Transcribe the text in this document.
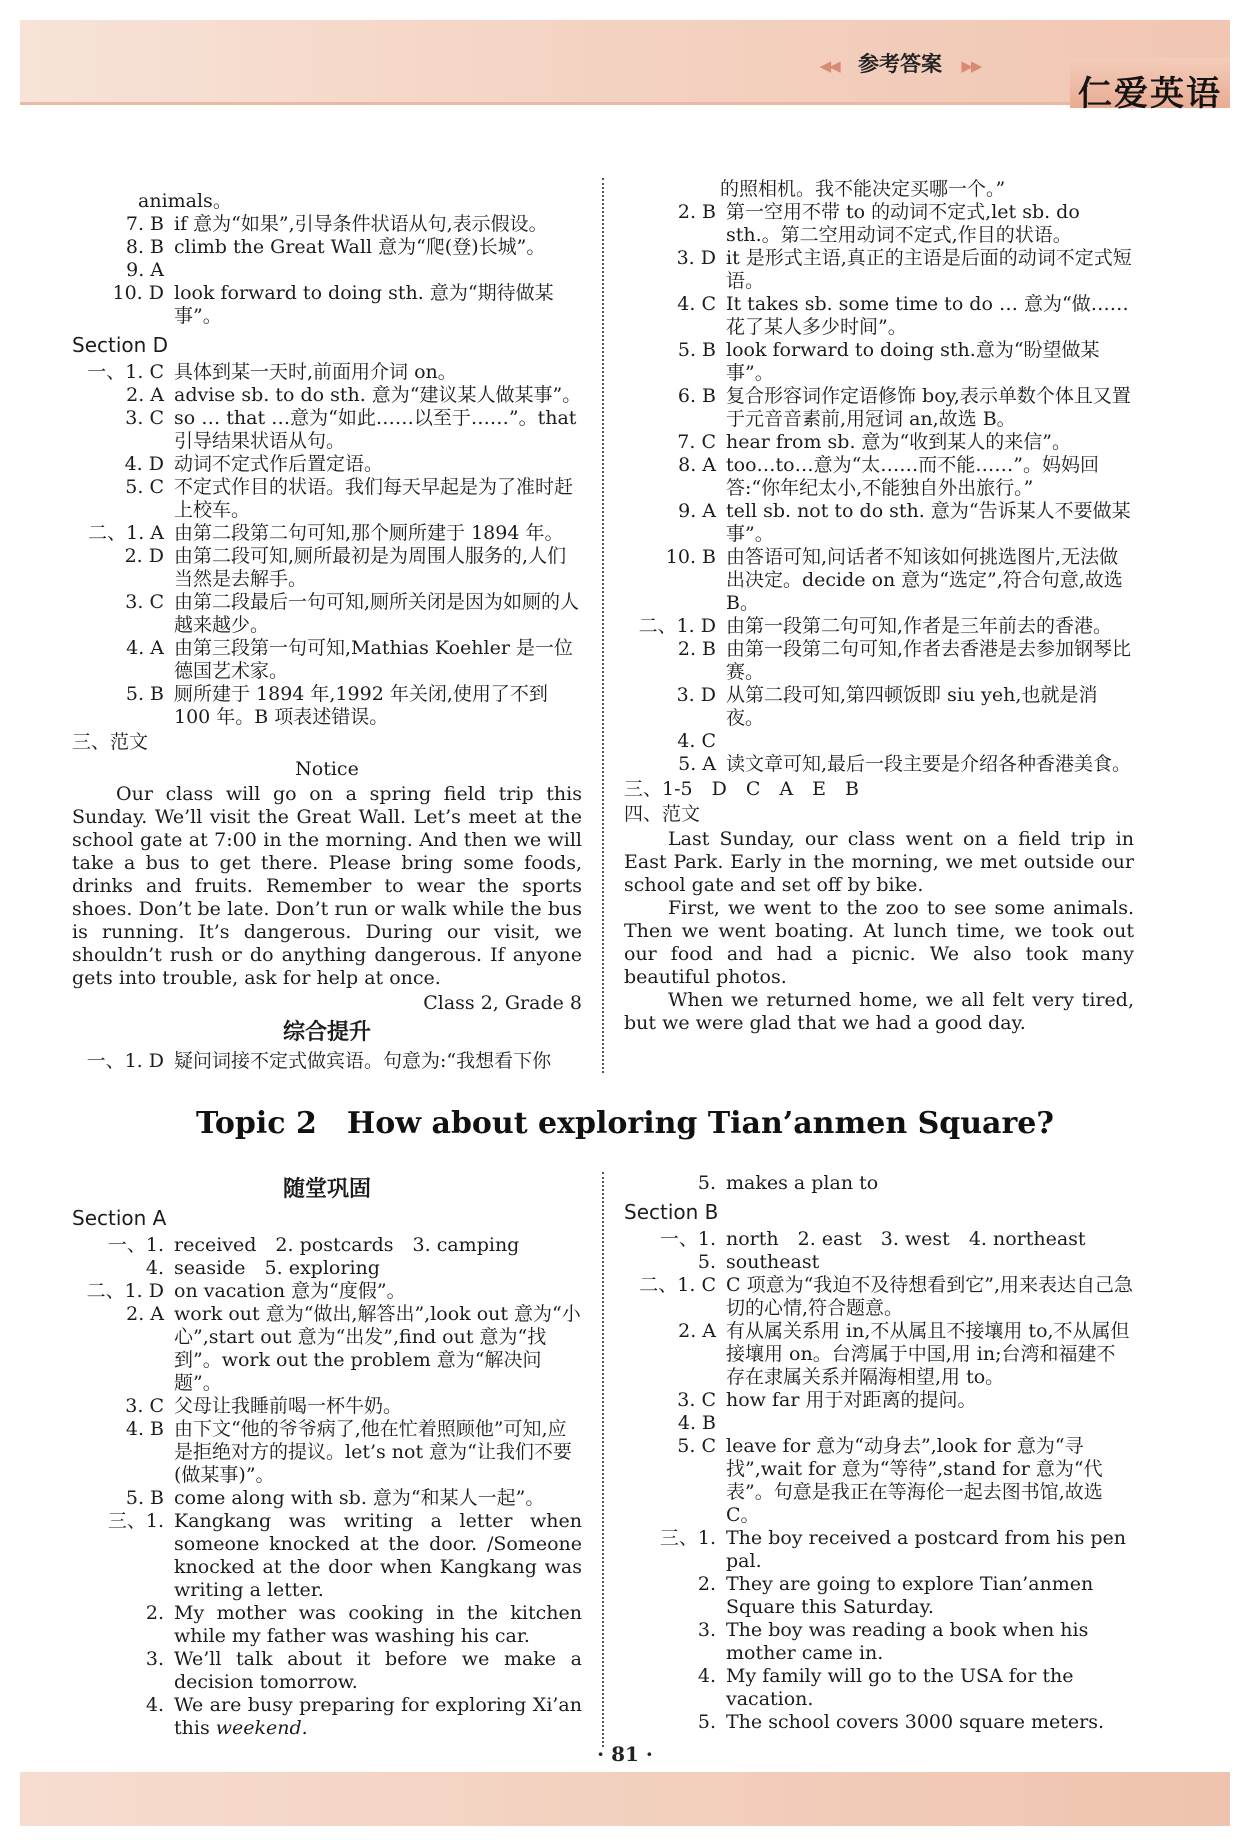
◀◀ 参考答案 ▶▶
仁爱英语
animals。
7. B if 意为“如果”,引导条件状语从句,表示假设。
8. B climb the Great Wall 意为“爬(登)长城”。
9. A
10. D look forward to doing sth. 意为“期待做某事”。
Section D
一、1. C 具体到某一天时,前面用介词 on。
2. A advise sb. to do sth. 意为“建议某人做某事”。
3. C so … that …意为“如此……以至于……”。that 引导结果状语从句。
4. D 动词不定式作后置定语。
5. C 不定式作目的状语。我们每天早起是为了准时赶上校车。
二、1. A 由第二段第二句可知,那个厕所建于 1894 年。
2. D 由第二段可知,厕所最初是为周围人服务的,人们当然是去解手。
3. C 由第二段最后一句可知,厕所关闭是因为如厕的人越来越少。
4. A 由第三段第一句可知,Mathias Koehler 是一位德国艺术家。
5. B 厕所建于 1894 年,1992 年关闭,使用了不到 100 年。B 项表述错误。
三、范文
Notice

Our class will go on a spring field trip this Sunday. We’ll visit the Great Wall. Let’s meet at the school gate at 7:00 in the morning. And then we will take a bus to get there. Please bring some foods, drinks and fruits. Remember to wear the sports shoes. Don’t be late. Don’t run or walk while the bus is running. It’s dangerous. During our visit, we shouldn’t rush or do anything dangerous. If anyone gets into trouble, ask for help at once.

Class 2, Grade 8
综合提升
一、1. D 疑问词接不定式做宾语。句意为:“我想看下你
的照相机。我不能决定买哪一个。”
2. B 第一空用不带 to 的动词不定式,let sb. do sth.。第二空用动词不定式,作目的状语。
3. D it 是形式主语,真正的主语是后面的动词不定式短语。
4. C It takes sb. some time to do … 意为“做……花了某人多少时间”。
5. B look forward to doing sth.意为“盼望做某事”。
6. B 复合形容词作定语修饰 boy,表示单数个体且又置于元音音素前,用冠词 an,故选 B。
7. C hear from sb. 意为“收到某人的来信”。
8. A too…to…意为“太……而不能……”。妈妈回答:“你年纪太小,不能独自外出旅行。”
9. A tell sb. not to do sth. 意为“告诉某人不要做某事”。
10. B 由答语可知,问话者不知该如何挑选图片,无法做出决定。decide on 意为“选定”,符合句意,故选 B。
二、1. D 由第一段第二句可知,作者是三年前去的香港。
2. B 由第一段第二句可知,作者去香港是去参加钢琴比赛。
3. D 从第二段可知,第四顿饭即 siu yeh,也就是消夜。
4. C
5. A 读文章可知,最后一段主要是介绍各种香港美食。
三、1-5　D　C　A　E　B
四、范文

Last Sunday, our class went on a field trip in East Park. Early in the morning, we met outside our school gate and set off by bike.

First, we went to the zoo to see some animals. Then we went boating. At lunch time, we took out our food and had a picnic. We also took many beautiful photos.

When we returned home, we all felt very tired, but we were glad that we had a good day.

Topic 2　How about exploring Tian’anmen Square?
随堂巩固
Section A
一、1. received　2. postcards　3. camping
4. seaside　5. exploring
二、1. D on vacation 意为“度假”。
2. A work out 意为“做出,解答出”,look out 意为“小心”,start out 意为“出发”,find out 意为“找到”。work out the problem 意为“解决问题”。
3. C 父母让我睡前喝一杯牛奶。
4. B 由下文“他的爷爷病了,他在忙着照顾他”可知,应是拒绝对方的提议。let’s not 意为“让我们不要(做某事)”。
5. B come along with sb. 意为“和某人一起”。
三、1. Kangkang was writing a letter when someone knocked at the door. /Someone knocked at the door when Kangkang was writing a letter.
2. My mother was cooking in the kitchen while my father was washing his car.
3. We’ll talk about it before we make a decision tomorrow.
4. We are busy preparing for exploring Xi’an this weekend.
5. makes a plan to
Section B
一、1. north　2. east　3. west　4. northeast
5. southeast
二、1. C C 项意为“我迫不及待想看到它”,用来表达自己急切的心情,符合题意。
2. A 有从属关系用 in,不从属且不接壤用 to,不从属但接壤用 on。台湾属于中国,用 in;台湾和福建不存在隶属关系并隔海相望,用 to。
3. C how far 用于对距离的提问。
4. B
5. C leave for 意为“动身去”,look for 意为“寻找”,wait for 意为“等待”,stand for 意为“代表”。句意是我正在等海伦一起去图书馆,故选 C。
三、1. The boy received a postcard from his pen pal.
2. They are going to explore Tian’anmen Square this Saturday.
3. The boy was reading a book when his mother came in.
4. My family will go to the USA for the vacation.
5. The school covers 3000 square meters.
· 81 ·
